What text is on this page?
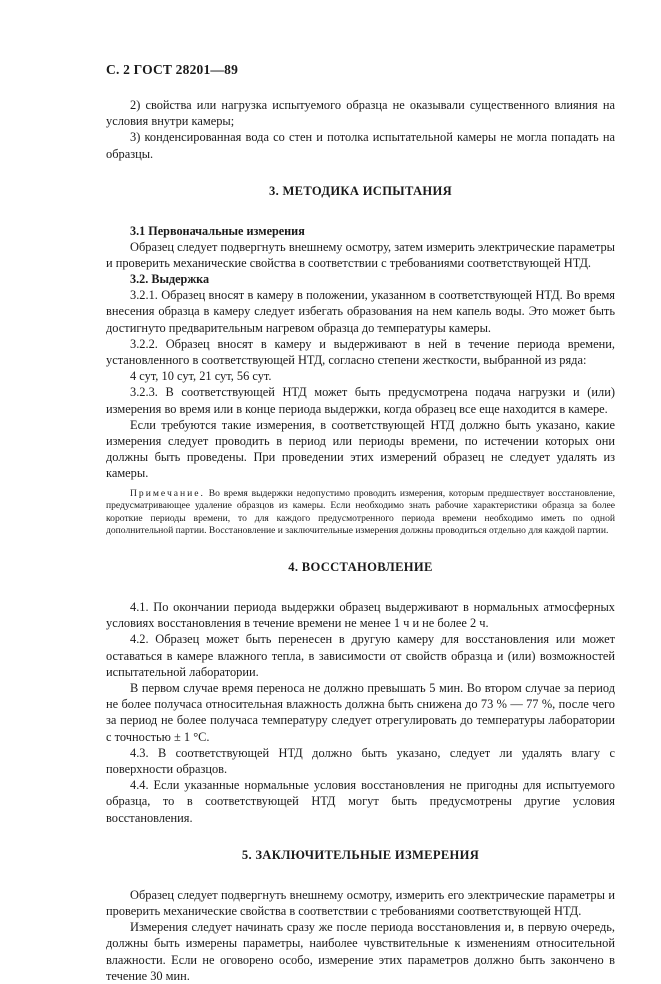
С. 2 ГОСТ 28201—89

2) свойства или нагрузка испытуемого образца не оказывали существенного влияния на условия внутри камеры;

3) конденсированная вода со стен и потолка испытательной камеры не могла попадать на образцы.

3. МЕТОДИКА ИСПЫТАНИЯ
3.1 Первоначальные измерения

Образец следует подвергнуть внешнему осмотру, затем измерить электрические параметры и проверить механические свойства в соответствии с требованиями соответствующей НТД.

3.2. Выдержка

3.2.1. Образец вносят в камеру в положении, указанном в соответствующей НТД. Во время внесения образца в камеру следует избегать образования на нем капель воды. Это может быть достигнуто предварительным нагревом образца до температуры камеры.

3.2.2. Образец вносят в камеру и выдерживают в ней в течение периода времени, установленного в соответствующей НТД, согласно степени жесткости, выбранной из ряда:

4 сут, 10 сут, 21 сут, 56 сут.

3.2.3. В соответствующей НТД может быть предусмотрена подача нагрузки и (или) измерения во время или в конце периода выдержки, когда образец все еще находится в камере.

Если требуются такие измерения, в соответствующей НТД должно быть указано, какие измерения следует проводить в период или периоды времени, по истечении которых они должны быть проведены. При проведении этих измерений образец не следует удалять из камеры.

Примечание. Во время выдержки недопустимо проводить измерения, которым предшествует восстановление, предусматривающее удаление образцов из камеры. Если необходимо знать рабочие характеристики образца за более короткие периоды времени, то для каждого предусмотренного периода времени необходимо иметь по одной дополнительной партии. Восстановление и заключительные измерения должны проводиться отдельно для каждой партии.
4. ВОССТАНОВЛЕНИЕ

4.1. По окончании периода выдержки образец выдерживают в нормальных атмосферных условиях восстановления в течение времени не менее 1 ч и не более 2 ч.

4.2. Образец может быть перенесен в другую камеру для восстановления или может оставаться в камере влажного тепла, в зависимости от свойств образца и (или) возможностей испытательной лаборатории.

В первом случае время переноса не должно превышать 5 мин. Во втором случае за период не более получаса относительная влажность должна быть снижена до 73 % — 77 %, после чего за период не более получаса температуру следует отрегулировать до температуры лаборатории с точностью ± 1 °С.

4.3. В соответствующей НТД должно быть указано, следует ли удалять влагу с поверхности образцов.

4.4. Если указанные нормальные условия восстановления не пригодны для испытуемого образца, то в соответствующей НТД могут быть предусмотрены другие условия восстановления.

5. ЗАКЛЮЧИТЕЛЬНЫЕ ИЗМЕРЕНИЯ

Образец следует подвергнуть внешнему осмотру, измерить его электрические параметры и проверить механические свойства в соответствии с требованиями соответствующей НТД.

Измерения следует начинать сразу же после периода восстановления и, в первую очередь, должны быть измерены параметры, наиболее чувствительные к изменениям относительной влажности. Если не оговорено особо, измерение этих параметров должно быть закончено в течение 30 мин.
